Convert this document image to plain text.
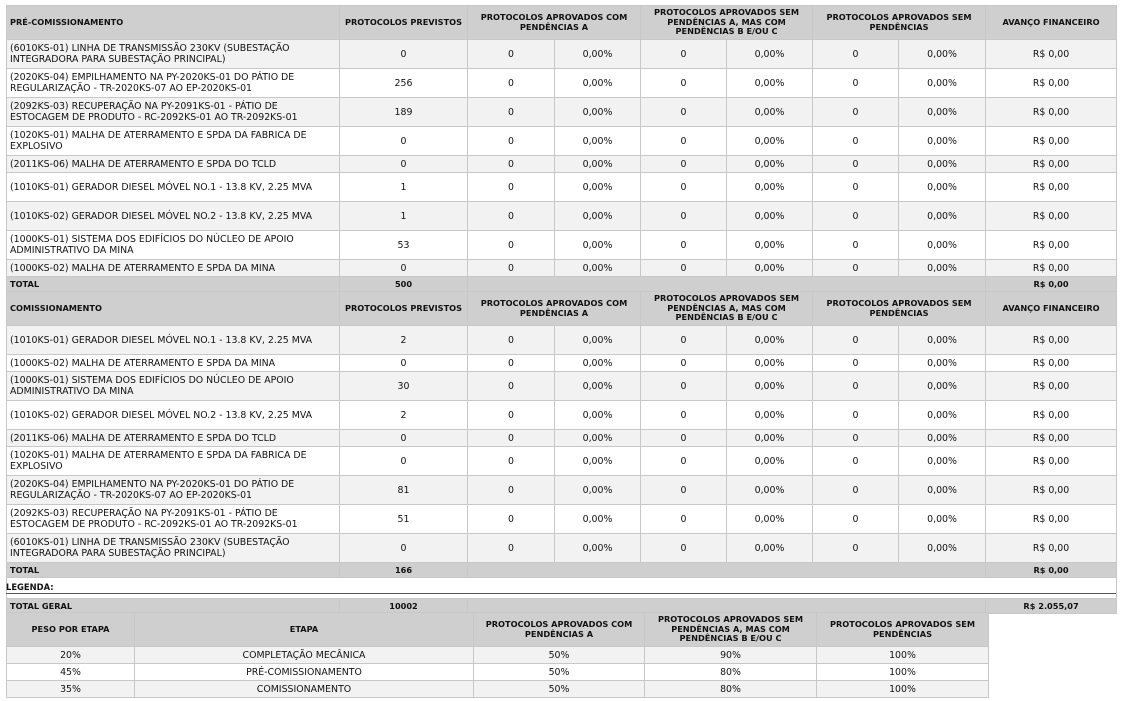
PRÉ-COMISSIONAMENTO	PROTOCOLOS PREVISTOS	PROTOCOLOS APROVADOS COM PENDÊNCIAS A		PROTOCOLOS APROVADOS SEM PENDÊNCIAS A, MAS COM PENDÊNCIAS B E/OU C		PROTOCOLOS APROVADOS SEM PENDÊNCIAS		AVANÇO FINANCEIRO
(6010KS-01) LINHA DE TRANSMISSÃO 230KV (SUBESTAÇÃO INTEGRADORA PARA SUBESTAÇÃO PRINCIPAL)	0	0	0,00%	0	0,00%	0	0,00%	R$ 0,00
(2020KS-04) EMPILHAMENTO NA PY-2020KS-01 DO PÁTIO DE REGULARIZAÇÃO - TR-2020KS-07 AO EP-2020KS-01	256	0	0,00%	0	0,00%	0	0,00%	R$ 0,00
(2092KS-03) RECUPERAÇÃO NA PY-2091KS-01 - PÁTIO DE ESTOCAGEM DE PRODUTO - RC-2092KS-01 AO TR-2092KS-01	189	0	0,00%	0	0,00%	0	0,00%	R$ 0,00
(1020KS-01) MALHA DE ATERRAMENTO E SPDA DA FABRICA DE EXPLOSIVO	0	0	0,00%	0	0,00%	0	0,00%	R$ 0,00
(2011KS-06) MALHA DE ATERRAMENTO E SPDA DO TCLD	0	0	0,00%	0	0,00%	0	0,00%	R$ 0,00
(1010KS-01) GERADOR DIESEL MÓVEL NO.1 - 13.8 KV, 2.25 MVA	1	0	0,00%	0	0,00%	0	0,00%	R$ 0,00
(1010KS-02) GERADOR DIESEL MÓVEL NO.2 - 13.8 KV, 2.25 MVA	1	0	0,00%	0	0,00%	0	0,00%	R$ 0,00
(1000KS-01) SISTEMA DOS EDIFÍCIOS DO NÚCLEO DE APOIO ADMINISTRATIVO DA MINA	53	0	0,00%	0	0,00%	0	0,00%	R$ 0,00
(1000KS-02) MALHA DE ATERRAMENTO E SPDA DA MINA	0	0	0,00%	0	0,00%	0	0,00%	R$ 0,00
TOTAL	500							R$ 0,00
COMISSIONAMENTO	PROTOCOLOS PREVISTOS	PROTOCOLOS APROVADOS COM PENDÊNCIAS A		PROTOCOLOS APROVADOS SEM PENDÊNCIAS A, MAS COM PENDÊNCIAS B E/OU C		PROTOCOLOS APROVADOS SEM PENDÊNCIAS		AVANÇO FINANCEIRO
(1010KS-01) GERADOR DIESEL MÓVEL NO.1 - 13.8 KV, 2.25 MVA	2	0	0,00%	0	0,00%	0	0,00%	R$ 0,00
(1000KS-02) MALHA DE ATERRAMENTO E SPDA DA MINA	0	0	0,00%	0	0,00%	0	0,00%	R$ 0,00
(1000KS-01) SISTEMA DOS EDIFÍCIOS DO NÚCLEO DE APOIO ADMINISTRATIVO DA MINA	30	0	0,00%	0	0,00%	0	0,00%	R$ 0,00
(1010KS-02) GERADOR DIESEL MÓVEL NO.2 - 13.8 KV, 2.25 MVA	2	0	0,00%	0	0,00%	0	0,00%	R$ 0,00
(2011KS-06) MALHA DE ATERRAMENTO E SPDA DO TCLD	0	0	0,00%	0	0,00%	0	0,00%	R$ 0,00
(1020KS-01) MALHA DE ATERRAMENTO E SPDA DA FABRICA DE EXPLOSIVO	0	0	0,00%	0	0,00%	0	0,00%	R$ 0,00
(2020KS-04) EMPILHAMENTO NA PY-2020KS-01 DO PÁTIO DE REGULARIZAÇÃO - TR-2020KS-07 AO EP-2020KS-01	81	0	0,00%	0	0,00%	0	0,00%	R$ 0,00
(2092KS-03) RECUPERAÇÃO NA PY-2091KS-01 - PÁTIO DE ESTOCAGEM DE PRODUTO - RC-2092KS-01 AO TR-2092KS-01	51	0	0,00%	0	0,00%	0	0,00%	R$ 0,00
(6010KS-01) LINHA DE TRANSMISSÃO 230KV (SUBESTAÇÃO INTEGRADORA PARA SUBESTAÇÃO PRINCIPAL)	0	0	0,00%	0	0,00%	0	0,00%	R$ 0,00
TOTAL	166							R$ 0,00

TOTAL GERAL	10002							R$ 2.055,07
LEGENDA:
PESO POR ETAPA	ETAPA	PROTOCOLOS APROVADOS COM PENDÊNCIAS A	PROTOCOLOS APROVADOS SEM PENDÊNCIAS A, MAS COM PENDÊNCIAS B E/OU C	PROTOCOLOS APROVADOS SEM PENDÊNCIAS
20%	COMPLETAÇÃO MECÂNICA	50%	90%	100%
45%	PRÉ-COMISSIONAMENTO	50%	80%	100%
35%	COMISSIONAMENTO	50%	80%	100%
